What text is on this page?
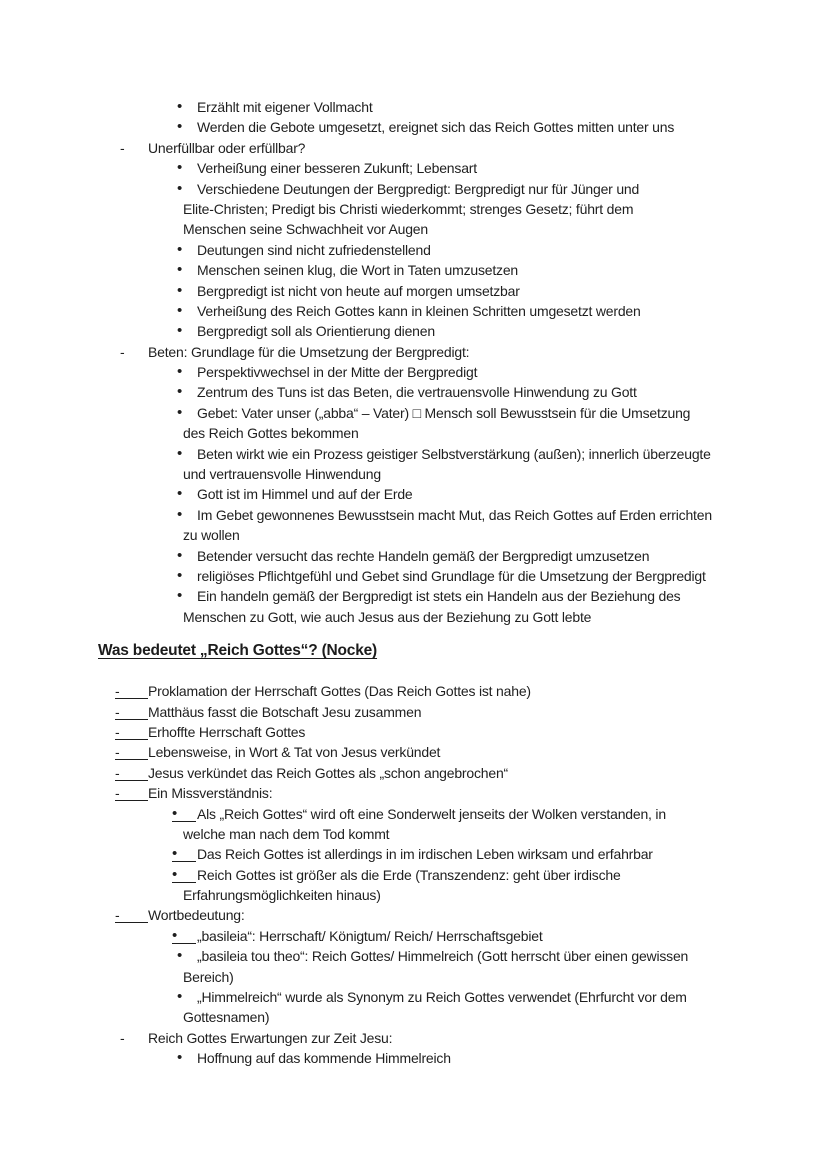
• Erzählt mit eigener Vollmacht
• Werden die Gebote umgesetzt, ereignet sich das Reich Gottes mitten unter uns
- Unerfüllbar oder erfüllbar?
• Verheißung einer besseren Zukunft; Lebensart
• Verschiedene Deutungen der Bergpredigt: Bergpredigt nur für Jünger und
Elite-Christen; Predigt bis Christi wiederkommt; strenges Gesetz; führt dem
Menschen seine Schwachheit vor Augen
• Deutungen sind nicht zufriedenstellend
• Menschen seinen klug, die Wort in Taten umzusetzen
• Bergpredigt ist nicht von heute auf morgen umsetzbar
• Verheißung des Reich Gottes kann in kleinen Schritten umgesetzt werden
• Bergpredigt soll als Orientierung dienen
- Beten: Grundlage für die Umsetzung der Bergpredigt:
• Perspektivwechsel in der Mitte der Bergpredigt
• Zentrum des Tuns ist das Beten, die vertrauensvolle Hinwendung zu Gott
• Gebet: Vater unser („abba“ – Vater) □ Mensch soll Bewusstsein für die Umsetzung
des Reich Gottes bekommen
• Beten wirkt wie ein Prozess geistiger Selbstverstärkung (außen); innerlich überzeugte
und vertrauensvolle Hinwendung
• Gott ist im Himmel und auf der Erde
• Im Gebet gewonnenes Bewusstsein macht Mut, das Reich Gottes auf Erden errichten
zu wollen
• Betender versucht das rechte Handeln gemäß der Bergpredigt umzusetzen
• religiöses Pflichtgefühl und Gebet sind Grundlage für die Umsetzung der Bergpredigt
• Ein handeln gemäß der Bergpredigt ist stets ein Handeln aus der Beziehung des
Menschen zu Gott, wie auch Jesus aus der Beziehung zu Gott lebte
Was bedeutet „Reich Gottes“? (Nocke)
-	Proklamation der Herrschaft Gottes (Das Reich Gottes ist nahe)
-	Matthäus fasst die Botschaft Jesu zusammen
-	Erhoffte Herrschaft Gottes
-	Lebensweise, in Wort & Tat von Jesus verkündet
-	Jesus verkündet das Reich Gottes als „schon angebrochen“
-	Ein Missverständnis:
•	Als „Reich Gottes“ wird oft eine Sonderwelt jenseits der Wolken verstanden, in
welche man nach dem Tod kommt
•	Das Reich Gottes ist allerdings in im irdischen Leben wirksam und erfahrbar
•	Reich Gottes ist größer als die Erde (Transzendenz: geht über irdische
Erfahrungsmöglichkeiten hinaus)
-	Wortbedeutung:
•	„basileia“: Herrschaft/ Königtum/ Reich/ Herrschaftsgebiet
• „basileia tou theo“: Reich Gottes/ Himmelreich (Gott herrscht über einen gewissen
Bereich)
• „Himmelreich“ wurde als Synonym zu Reich Gottes verwendet (Ehrfurcht vor dem
Gottesnamen)
- Reich Gottes Erwartungen zur Zeit Jesu:
• Hoffnung auf das kommende Himmelreich
